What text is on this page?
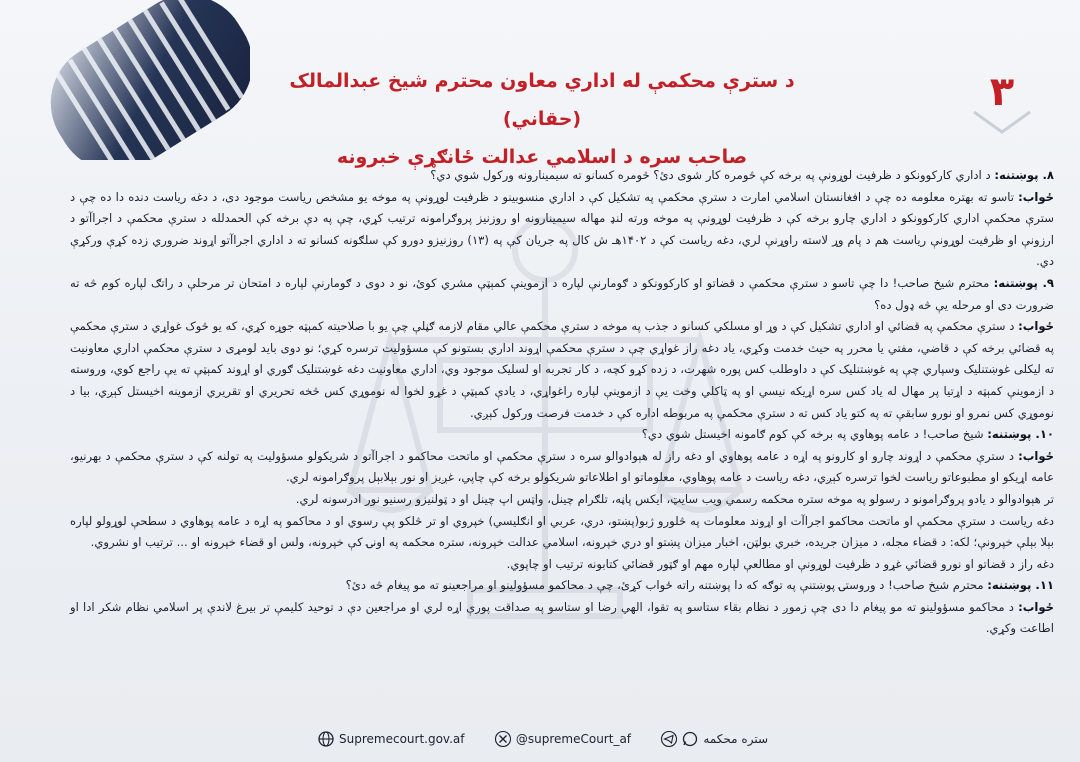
۳
د سترې محکمې له اداري معاون محترم شیخ عبدالمالک (حقاني)
صاحب سره د اسلامي عدالت ځانګړې خبرونه

۸. پوښتنه: د اداري کارکوونکو د ظرفیت لوړونې په برخه کې څومره کار شوی دئ؟ څومره کسانو ته سیمینارونه ورکول شوي دي؟

ځواب: تاسو ته بهتره معلومه ده چې د افغانستان اسلامي امارت د سترې محکمې په تشکیل کې د اداري منسوبینو د ظرفیت لوړونې په موخه یو مشخص ریاست موجود دی، د دغه ریاست دنده دا ده چې د سترې محکمې اداري کارکوونکو د اداري چارو برخه کې د ظرفیت لوړونې په موخه ورته لنډ مهاله سیمینارونه او روزنیز پروګرامونه ترتیب کړي، چې په دې برخه کې الحمدلله د سترې محکمې د اجراآتو د ارزونې او ظرفیت لوړونې ریاست هم د پام وړ لاسته راوړنې لري، دغه ریاست کې د ۱۴۰۲هـ ش کال په جریان کې په (۱۳) روزنیزو دورو کې سلګونه کسانو ته د اداري اجراآتو اړوند ضروري زده کړې ورکړې دي.

۹. پوښتنه: محترم شیخ صاحب! دا چې تاسو د سترې محکمې د قضاتو او کارکوونکو د ګومارنې لپاره د ازموینې کمېټې مشري کوئ، نو د دوی د ګومارنې لپاره د امتحان تر مرحلې د راتګ لپاره کوم څه ته ضرورت دی او مرحله یې څه ډول ده؟

ځواب: د سترې محکمې په قضائي او اداري تشکیل کې د وړ او مسلکي کسانو د جذب په موخه د سترې محکمې عالي مقام لازمه ګڼلې چې یو با صلاحیته کمېټه جوړه کړي، که یو څوک غواړي د سترې محکمې په قضائي برخه کې د قاضي، مفتي یا محرر په حیث خدمت وکړي، یاد دغه راز غواړي چې د سترې محکمې اړوند اداري بستونو کې مسؤولیت ترسره کړي؛ نو دوی باید لومړی د سترې محکمې اداري معاونیت ته لیکلی غوښتنلیک وسپاري چې په غوښتنلیک کې د داوطلب کس پوره شهرت، د زده کړو کچه، د کار تجربه او لسلیک موجود وي، اداري معاونیت دغه غوښتنلیک ګوري او اړوند کمېټې ته یې راجع کوي، وروسته د ازموینې کمېټه د اړتیا پر مهال له یاد کس سره اړیکه نیسي او په ټاکلي وخت یې د ازموینې لپاره راغواړي، د یادې کمېټې د غړو لخوا له نوموړي کس څخه تحریري او تقریري ازموینه اخیستل کېږي، بیا د نوموړي کس نمرو او نورو سابقې ته په کتو یاد کس ته د سترې محکمې په مربوطه اداره کې د خدمت فرصت ورکول کېږي.

۱۰. پوښتنه: شیخ صاحب! د عامه پوهاوي په برخه کې کوم ګامونه اخیستل شوي دي؟

ځواب: د سترې محکمې د اړوند چارو او کارونو په اړه د عامه پوهاوي او دغه راز له هېوادوالو سره د سترې محکمې او ماتحت محاکمو د اجراآتو د شریکولو مسؤولیت په تولنه کې د سترې محکمې د بهرنیو، عامه اړیکو او مطبوعاتو ریاست لخوا ترسره کېږي، دغه ریاست د عامه پوهاوي، معلوماتو او اطلاعاتو شریکولو برخه کې چاپي، غږیز او نور بېلابېل پروګرامونه لري.

تر هېوادوالو د یادو پروګرامونو د رسولو په موخه ستره محکمه رسمي ویب سایټ، ایکس پاڼه، تلګرام چینل، واټس اپ چینل او د ټولنیزو رسنیو نور ادرسونه لري.

دغه ریاست د سترې محکمې او ماتحت محاکمو اجراآت او اړوند معلومات په څلورو ژبو(پښتو، دري، عربي او انګلیسي) خپروي او تر څلکو پې رسوي او د محاکمو په اړه د عامه پوهاوي د سطحې لوړولو لپاره بېلا بېلې خپرونې؛ لکه: د قضاء مجله، د میزان جریده، خبري بولټن، اخبار میزان پښتو او دري خپرونه، اسلامي عدالت خپرونه، ستره محکمه په اونۍ کې خپرونه، ولس او قضاء خپرونه او ... ترتیب او نشروي.

دغه راز د قضاتو او نورو قضائي غړو د ظرفیت لوړونې او مطالعې لپاره مهم او ګټور قضائي کتابونه ترتیب او چاپوي.

۱۱. پوښتنه: محترم شیخ صاحب! د وروستۍ پوښتنې په توګه که دا پوښتنه راته ځواب کړئ، چې د محاکمو مسؤولینو او مراجعینو ته مو پیغام څه دئ؟

ځواب: د محاکمو مسؤولینو ته مو پیغام دا دی چې زموږ د نظام بقاء ستاسو په تقوا، الهي رضا او ستاسو په صداقت پورې اړه لري او مراجعین دې د توحید کلیمې تر بیرغ لاندې پر اسلامي نظام شکر ادا او اطاعت وکړي.

Supremecourt.gov.af	@supremeCourt_af	ستره محکمه
